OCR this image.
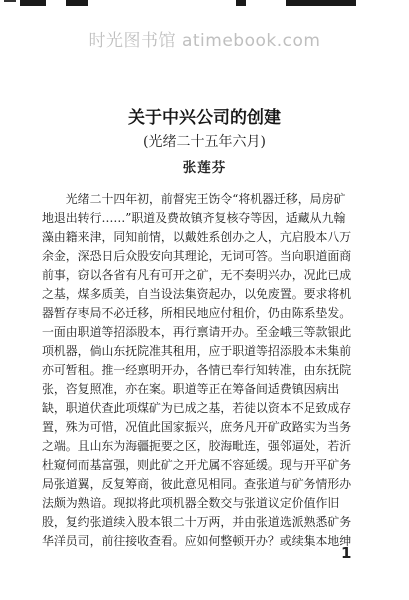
时光图书馆 atimebook.com
关于中兴公司的创建
(光绪二十五年六月)
张莲芬
　　光绪二十四年初，前督宪王饬令“将机器迁移，局房矿
地退出转行……”职道及费故镇齐复核夺等因，适藏从九翰
藻由籍来津，同知前情，以戴姓系创办之人，亢启股本八万
余金，深恐日后众股安向其理论，无词可答。当向职道面商
前事，窃以各省有凡有可开之矿，无不奏明兴办，况此已成
之基，煤多质美，自当设法集资起办，以免废置。要求将机
器暂存枣局不必迁移，所相民地应付租价，仍由陈系垫发。
一面由职道等招添股本，再行禀请开办。至金峨三等款银此
项机器，倘山东抚院准其租用，应于职道等招添股本未集前
亦可暂租。推一经禀明开办，各情已奉行知转准，由东抚院
张，咨复照准，亦在案。职道等正在筹备间适费镇因病出
缺，职道伏查此项煤矿为已成之基，若徒以资本不足致成存
置，殊为可惜，况值此国家振兴，庶务凡开矿政路实为当务
之端。且山东为海疆扼要之区，胶海毗连，强邻逼处，若沂
杜窥伺而基富强，则此矿之开尤属不容延缓。现与开平矿务
局张道翼，反复筹商，彼此意见相同。查张道与矿务情形办
法颇为熟谙。现拟将此项机器全数交与张道议定价值作旧
股，复约张道续入股本银二十万两，并由张道选派熟悉矿务
华洋员司，前往接收查看。应如何整顿开办？或续集本地绅
1
